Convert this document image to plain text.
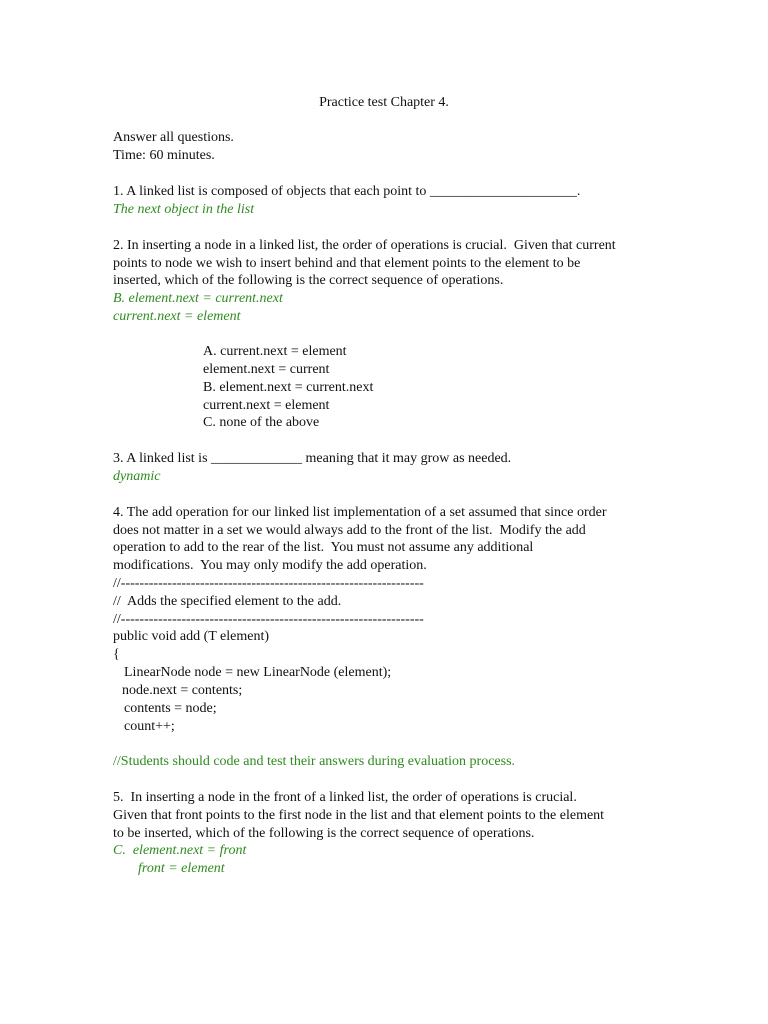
Practice test Chapter 4.
Answer all questions.
Time: 60 minutes.
1. A linked list is composed of objects that each point to _____________________.
The next object in the list
2. In inserting a node in a linked list, the order of operations is crucial.  Given that current
points to node we wish to insert behind and that element points to the element to be
inserted, which of the following is the correct sequence of operations.
B. element.next = current.next
current.next = element
A. current.next = element
element.next = current
B. element.next = current.next
current.next = element
C. none of the above
3. A linked list is _____________ meaning that it may grow as needed.
dynamic
4. The add operation for our linked list implementation of a set assumed that since order
does not matter in a set we would always add to the front of the list.  Modify the add
operation to add to the rear of the list.  You must not assume any additional
modifications.  You may only modify the add operation.
//-----------------------------------------------------------------
//  Adds the specified element to the add.
//-----------------------------------------------------------------
public void add (T element)
{
LinearNode node = new LinearNode (element);
node.next = contents;
contents = node;
count++;
//Students should code and test their answers during evaluation process.
5.  In inserting a node in the front of a linked list, the order of operations is crucial.
Given that front points to the first node in the list and that element points to the element
to be inserted, which of the following is the correct sequence of operations.
C.  element.next = front
front = element
